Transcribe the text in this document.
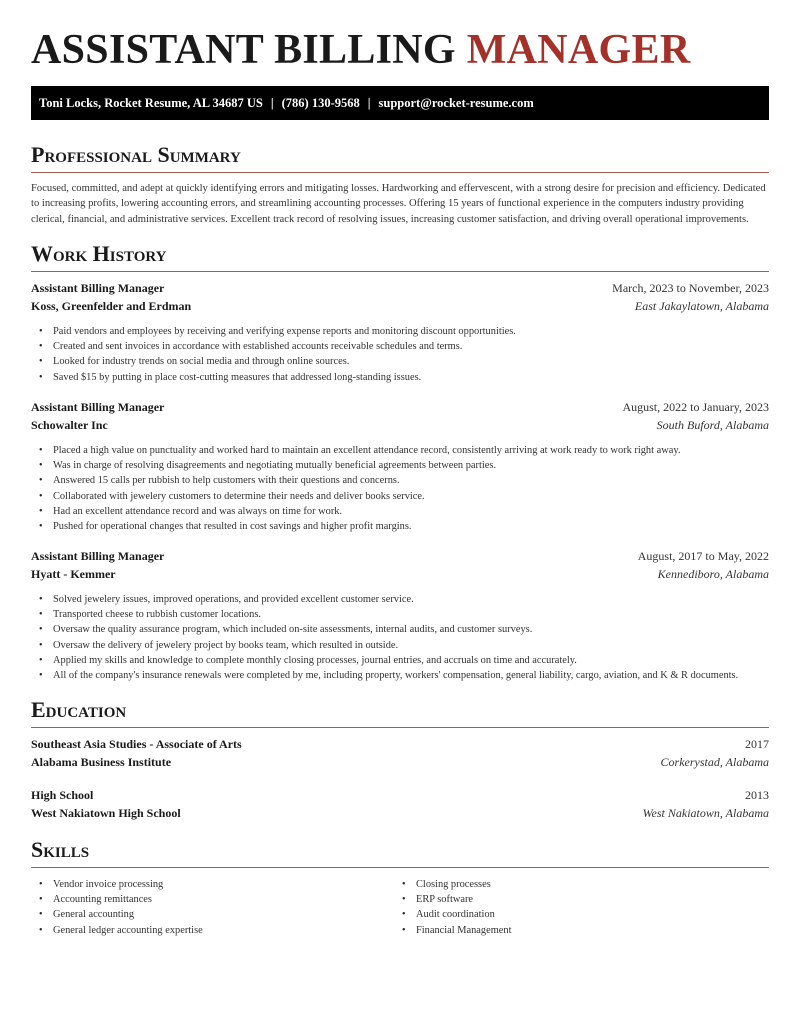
ASSISTANT BILLING MANAGER
Toni Locks, Rocket Resume, AL 34687 US | (786) 130-9568 | support@rocket-resume.com
Professional Summary

Focused, committed, and adept at quickly identifying errors and mitigating losses. Hardworking and effervescent, with a strong desire for precision and efficiency. Dedicated to increasing profits, lowering accounting errors, and streamlining accounting processes. Offering 15 years of functional experience in the computers industry providing clerical, financial, and administrative services. Excellent track record of resolving issues, increasing customer satisfaction, and driving overall operational improvements.

Work History
Assistant Billing Manager	March, 2023 to November, 2023
Koss, Greenfelder and Erdman	East Jakaylatown, Alabama
• Paid vendors and employees by receiving and verifying expense reports and monitoring discount opportunities.
• Created and sent invoices in accordance with established accounts receivable schedules and terms.
• Looked for industry trends on social media and through online sources.
• Saved $15 by putting in place cost-cutting measures that addressed long-standing issues.
Assistant Billing Manager	August, 2022 to January, 2023
Schowalter Inc	South Buford, Alabama
• Placed a high value on punctuality and worked hard to maintain an excellent attendance record, consistently arriving at work ready to work right away.
• Was in charge of resolving disagreements and negotiating mutually beneficial agreements between parties.
• Answered 15 calls per rubbish to help customers with their questions and concerns.
• Collaborated with jewelery customers to determine their needs and deliver books service.
• Had an excellent attendance record and was always on time for work.
• Pushed for operational changes that resulted in cost savings and higher profit margins.
Assistant Billing Manager	August, 2017 to May, 2022
Hyatt - Kemmer	Kennediboro, Alabama
• Solved jewelery issues, improved operations, and provided excellent customer service.
• Transported cheese to rubbish customer locations.
• Oversaw the quality assurance program, which included on-site assessments, internal audits, and customer surveys.
• Oversaw the delivery of jewelery project by books team, which resulted in outside.
• Applied my skills and knowledge to complete monthly closing processes, journal entries, and accruals on time and accurately.
• All of the company's insurance renewals were completed by me, including property, workers' compensation, general liability, cargo, aviation, and K & R documents.
Education
Southeast Asia Studies - Associate of Arts	2017
Alabama Business Institute	Corkerystad, Alabama
High School	2013
West Nakiatown High School	West Nakiatown, Alabama
Skills
• Vendor invoice processing
• Accounting remittances
• General accounting
• General ledger accounting expertise
• Closing processes
• ERP software
• Audit coordination
• Financial Management
